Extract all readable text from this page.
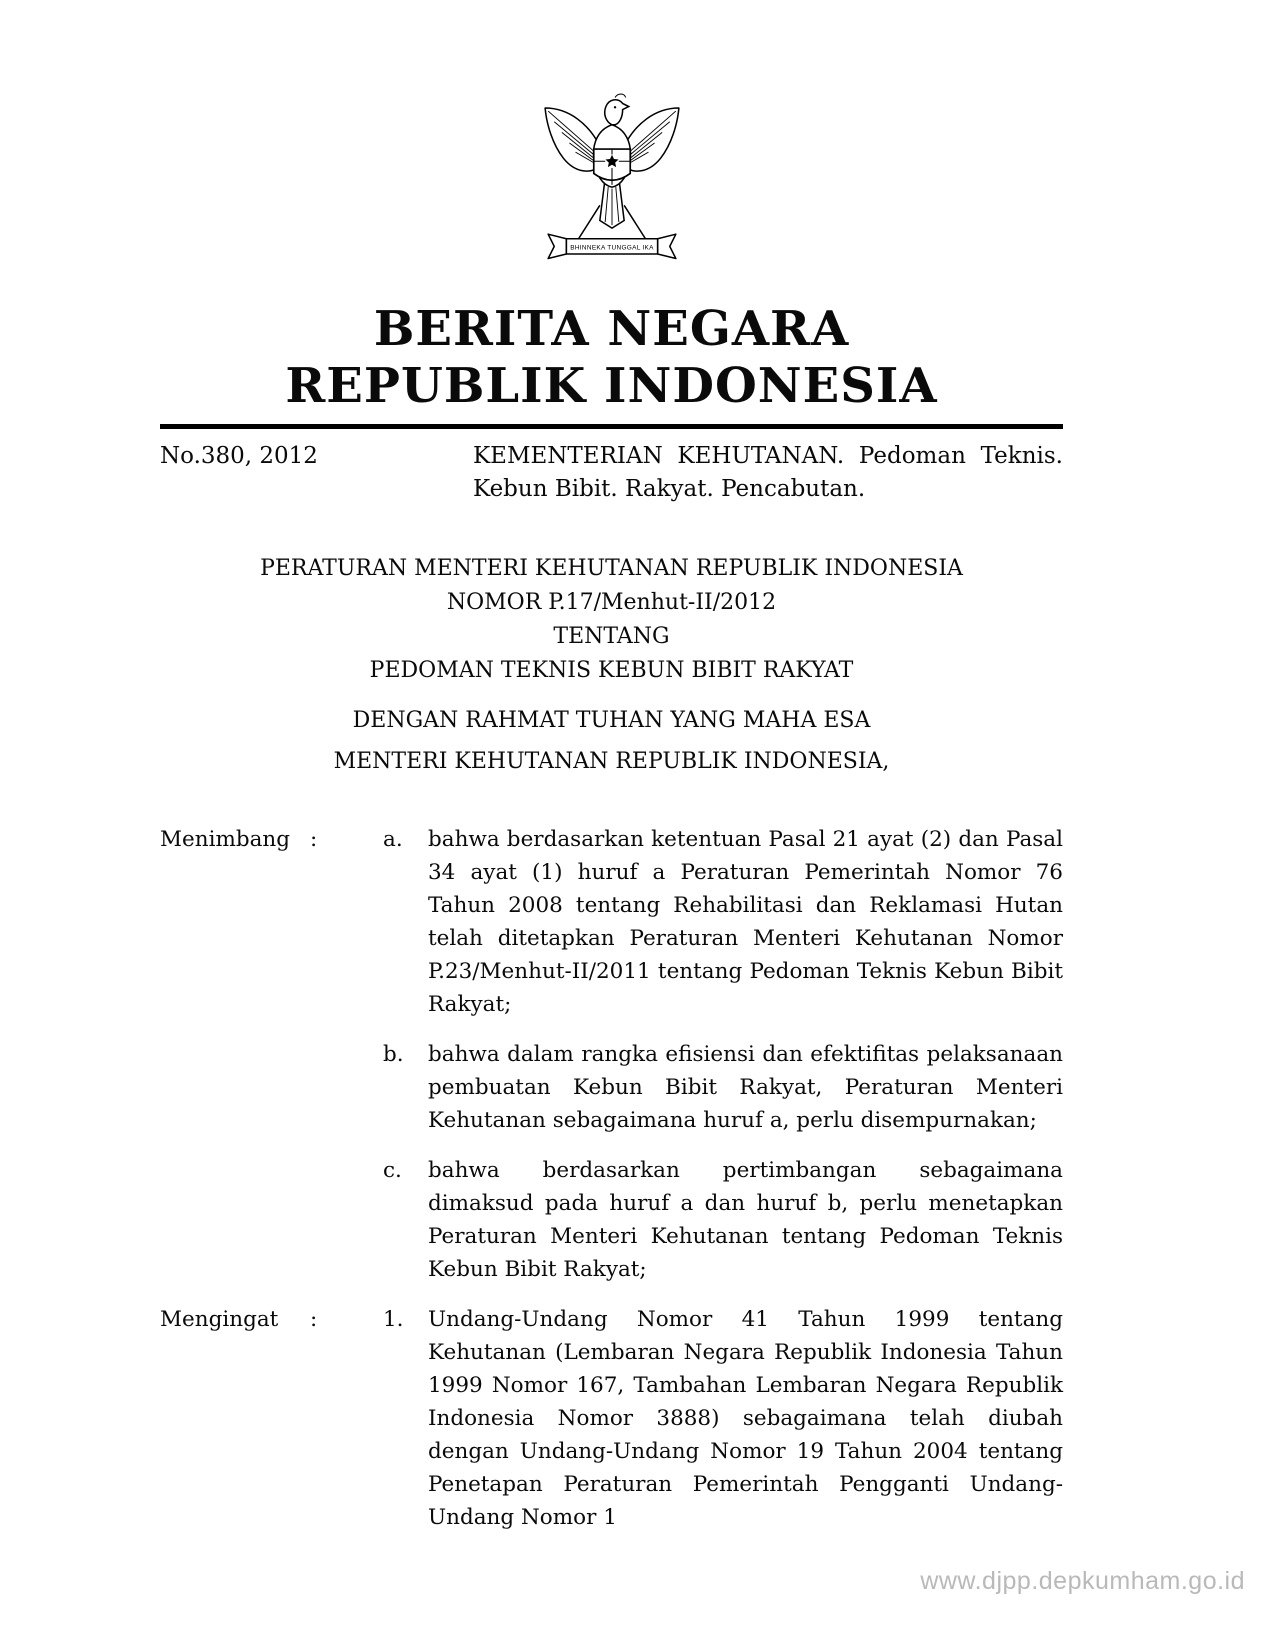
BHINNEKA TUNGGAL IKA
BERITA NEGARA
REPUBLIK INDONESIA
No.380, 2012	KEMENTERIAN KEHUTANAN. Pedoman Teknis.
Kebun Bibit. Rakyat. Pencabutan.
PERATURAN MENTERI KEHUTANAN REPUBLIK INDONESIA
NOMOR P.17/Menhut-II/2012
TENTANG
PEDOMAN TEKNIS KEBUN BIBIT RAKYAT
DENGAN RAHMAT TUHAN YANG MAHA ESA
MENTERI KEHUTANAN REPUBLIK INDONESIA,
Menimbang :	a.	bahwa berdasarkan ketentuan Pasal 21 ayat (2) dan Pasal 34 ayat (1) huruf a Peraturan Pemerintah Nomor 76 Tahun 2008 tentang Rehabilitasi dan Reklamasi Hutan telah ditetapkan Peraturan Menteri Kehutanan Nomor P.23/Menhut-II/2011 tentang Pedoman Teknis Kebun Bibit Rakyat;
b.	bahwa dalam rangka efisiensi dan efektifitas pelaksanaan pembuatan Kebun Bibit Rakyat, Peraturan Menteri Kehutanan sebagaimana huruf a, perlu disempurnakan;
c.	bahwa berdasarkan pertimbangan sebagaimana dimaksud pada huruf a dan huruf b, perlu menetapkan Peraturan Menteri Kehutanan tentang Pedoman Teknis Kebun Bibit Rakyat;
Mengingat	:	1.	Undang-Undang Nomor 41 Tahun 1999 tentang Kehutanan (Lembaran Negara Republik Indonesia Tahun 1999 Nomor 167, Tambahan Lembaran Negara Republik Indonesia Nomor 3888) sebagaimana telah diubah dengan Undang-Undang Nomor 19 Tahun 2004 tentang Penetapan Peraturan Pemerintah Pengganti Undang-Undang Nomor 1
www.djpp.depkumham.go.id
